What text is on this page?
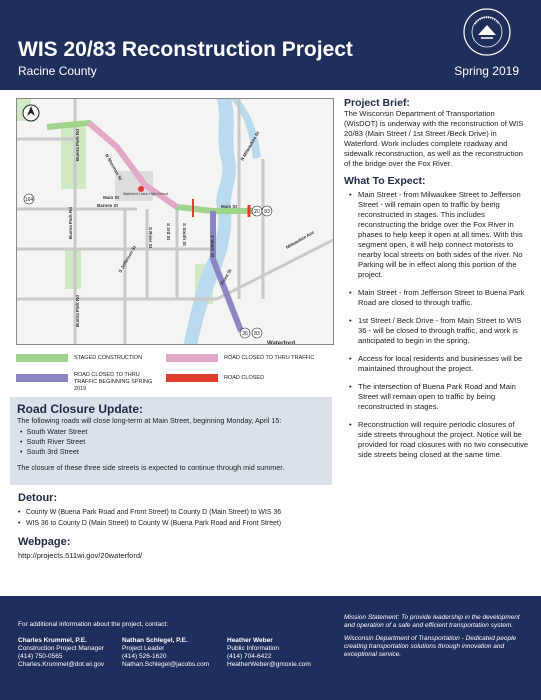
WIS 20/83 Reconstruction Project
Racine County	Spring 2019
20 83
164
36 83
Buena Park Rd
Buena Park Rd
Buena Park Rd
N Sherman St
Barnes St
S River St	S 3rd St S South St
S Water St
N Milwaukee St
Main St
Main St
S Jefferson St
Front St
Milwaukee Ave
Waterford
Waterford Union High School
STAGED CONSTRUCTION	ROAD CLOSED TO THRU TRAFFIC
ROAD CLOSED TO THRU TRAFFIC BEGINNING SPRING 2019
ROAD CLOSED
Road Closure Update:
The following roads will close long-term at Main Street, beginning Monday, April 15:
• South Water Street
• South River Street
• South 3rd Street
The closure of these three side streets is expected to continue through mid summer.
Detour:
• County W (Buena Park Road and Front Street) to County D (Main Street) to WIS 36
• WIS 36 to County D (Main Street) to County W (Buena Park Road and Front Street)
Webpage:
http://projects.511wi.gov/20waterford/
Project Brief:

The Wisconsin Department of Transportation (WisDOT) is underway with the reconstruction of WIS 20/83 (Main Street / 1st Street /Beck Drive) in Waterford. Work includes complete roadway and sidewalk reconstruction, as well as the reconstruction of the bridge over the Fox River.

What To Expect:
• Main Street - from Milwaukee Street to Jefferson Street - will remain open to traffic by being reconstructed in stages. This includes reconstructing the bridge over the Fox River in phases to help keep it open at all times. With this segment open, it will help connect motorists to nearby local streets on both sides of the river. No Parking will be in effect along this portion of the project.
• Main Street - from Jefferson Street to Buena Park Road are closed to through traffic.
• 1st Street / Beck Drive - from Main Street to WIS 36 - will be closed to through traffic, and work is anticipated to begin in the spring.
• Access for local residents and businesses will be maintained throughout the project.
• The intersection of Buena Park Road and Main Street will remain open to traffic by being reconstructed in stages.
• Reconstruction will require periodic closures of side streets throughout the project. Notice will be provided for road closures with no two consecutive side streets being closed at the same time.
For additional information about the project, contact:
Charles Krummel, P.E.
Construction Project Manager
(414) 750-0565
Charles.Krummel@dot.wi.gov
Nathan Schlegel, P.E.
Project Leader
(414) 526-1620
Nathan.Schlegel@jacobs.com
Heather Weber
Public Information
(414) 704-6422
HeatherWeber@gmoxie.com

Mission Statement: To provide leadership in the development and operation of a safe and efficient transportation system.

Wisconsin Department of Transportation - Dedicated people creating transportation solutions through innovation and exceptional service.
